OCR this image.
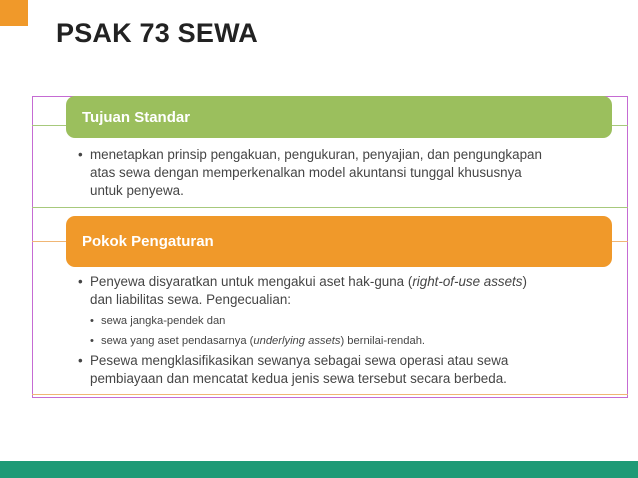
PSAK 73 SEWA
Tujuan Standar
• menetapkan prinsip pengakuan, pengukuran, penyajian, dan pengungkapan
atas sewa dengan memperkenalkan model akuntansi tunggal khususnya
untuk penyewa.
Pokok Pengaturan
• Penyewa disyaratkan untuk mengakui aset hak-guna (right-of-use assets)
dan liabilitas sewa. Pengecualian:
• sewa jangka-pendek dan
• sewa yang aset pendasarnya (underlying assets) bernilai-rendah.
• Pesewa mengklasifikasikan sewanya sebagai sewa operasi atau sewa
pembiayaan dan mencatat kedua jenis sewa tersebut secara berbeda.
